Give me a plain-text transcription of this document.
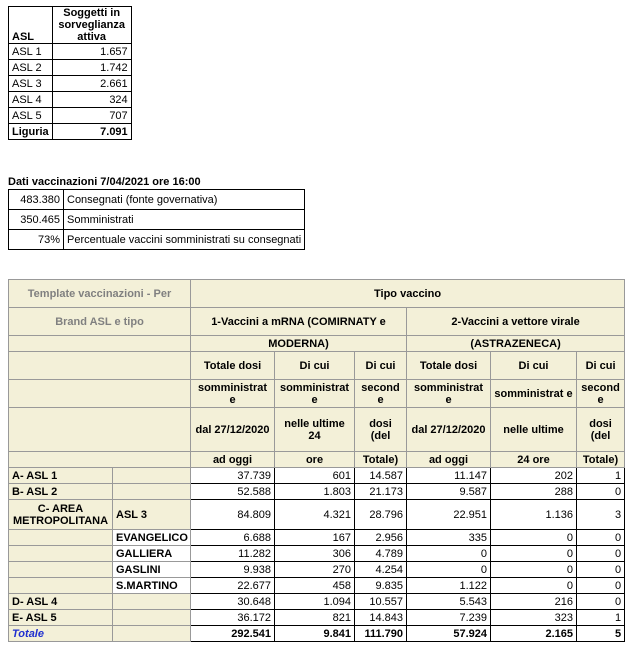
ASL	Soggetti in sorveglianza attiva
ASL 1	1.657
ASL 2	1.742
ASL 3	2.661
ASL 4	324
ASL 5	707
Liguria	7.091
Dati vaccinazioni 7/04/2021 ore 16:00
483.380	Consegnati (fonte governativa)
350.465	Somministrati
73%	Percentuale vaccini somministrati su consegnati
Template vaccinazioni - Per		Tipo vaccino					
Brand ASL e tipo		1-Vaccini a mRNA (COMIRNATY e			2-Vaccini a vettore virale		
		MODERNA)			(ASTRAZENECA)		
		Totale dosi	Di cui	Di cui	Totale dosi	Di cui	Di cui
		somministrat e	somministrat e	second e	somministrat e	somministrat e	second e
		dal 27/12/2020	nelle ultime 24	dosi (del	dal 27/12/2020	nelle ultime	dosi (del
		ad oggi	ore	Totale)	ad oggi	24 ore	Totale)
A- ASL 1		37.739	601	14.587	11.147	202	1
B- ASL 2		52.588	1.803	21.173	9.587	288	0
C- AREA METROPOLITANA	ASL 3	84.809	4.321	28.796	22.951	1.136	3
	EVANGELICO	6.688	167	2.956	335	0	0
	GALLIERA	11.282	306	4.789	0	0	0
	GASLINI	9.938	270	4.254	0	0	0
	S.MARTINO	22.677	458	9.835	1.122	0	0
D- ASL 4		30.648	1.094	10.557	5.543	216	0
E- ASL 5		36.172	821	14.843	7.239	323	1
Totale		292.541	9.841	111.790	57.924	2.165	5
